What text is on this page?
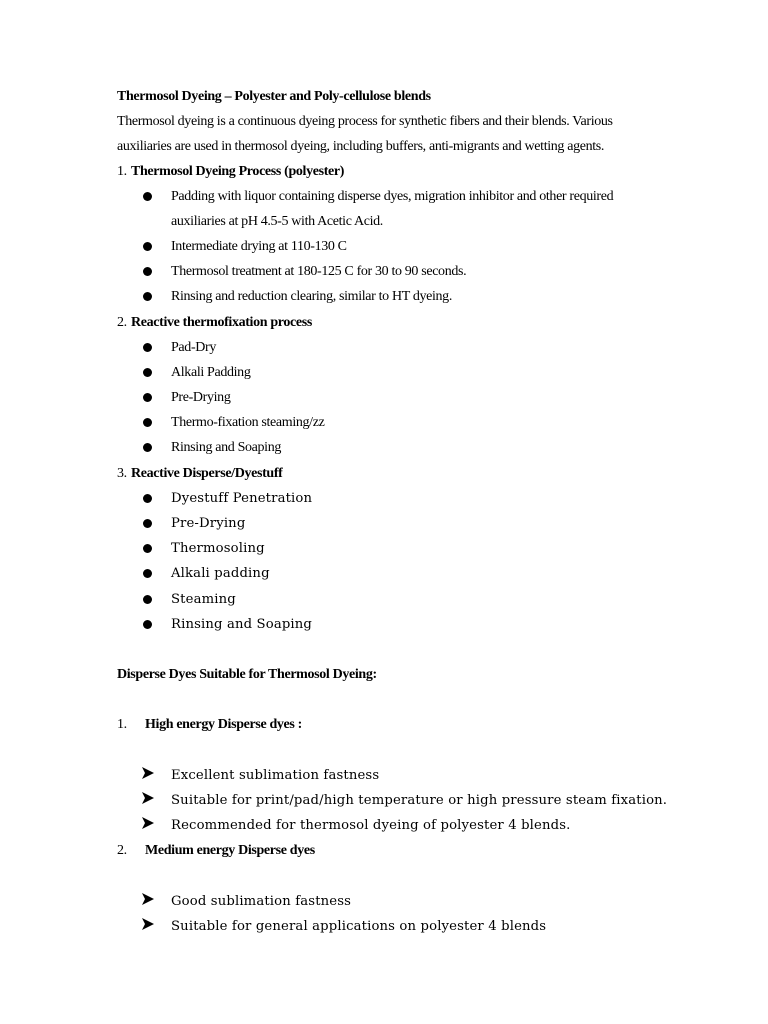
Thermosol Dyeing – Polyester and Poly-cellulose blends
Thermosol dyeing is a continuous dyeing process for synthetic fibers and their blends. Various
auxiliaries are used in thermosol dyeing, including buffers, anti-migrants and wetting agents.
1. Thermosol Dyeing Process (polyester)
Padding with liquor containing disperse dyes, migration inhibitor and other required
auxiliaries at pH 4.5-5 with Acetic Acid.
Intermediate drying at 110-130 C
Thermosol treatment at 180-125 C for 30 to 90 seconds.
Rinsing and reduction clearing, similar to HT dyeing.
2. Reactive thermofixation process
Pad-Dry
Alkali Padding
Pre-Drying
Thermo-fixation steaming/zz
Rinsing and Soaping
3. Reactive Disperse/Dyestuff
Dyestuff Penetration
Pre-Drying
Thermosoling
Alkali padding
Steaming
Rinsing and Soaping
Disperse Dyes Suitable for Thermosol Dyeing:
1. High energy Disperse dyes :
Excellent sublimation fastness
Suitable for print/pad/high temperature or high pressure steam fixation.
Recommended for thermosol dyeing of polyester 4 blends.
2. Medium energy Disperse dyes
Good sublimation fastness
Suitable for general applications on polyester 4 blends
